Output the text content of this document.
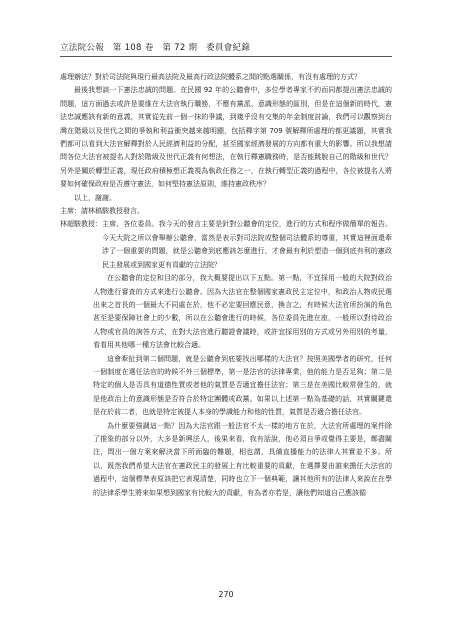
立法院公報　第 108 卷　第 72 期　委員會紀錄

處理辦法？對於司法院與現行最高法院及最高行政法院體系之間的點選關係，有沒有處理的方式？

最後我想談一下憲法忠誠的問題。在民國 92 年的公聽會中，多位學者專家不約而同都提出憲法忠誠的問題，這方面過去或許是要維在大法官執行職務，不應有黨派、意識形態的區別，但是在這個新的時代，憲法忠誠應該有新的意義，其實從先前一個一抹的爭議，到幾乎沒有交集的年金制度討論，我們可以觀察到台灣在階級以及世代之間的爭執和利益衝突越來越明顯，包括釋字第 709 號解釋所處理的都更議題，其實我們都可以看到大法官解釋對於人民經濟利益的分配，甚至國家經濟發展的方向都有重大的影響。所以我想請問各位大法官被提名人對於階級及世代正義有何想法，在執行釋憲職務時，是否能跳脫自己的階級和世代？另外是關於轉型正義，現任政府積極想正義視為執政任務之一，在執行轉型正義的過程中，各位被提名人將要如何確保政府是否遵守憲法，如何堅持憲法原則，維持憲政秩序？

以上，謝謝。

主席：請林稿駿教授發言。

林超駿教授： 主席、各位委員。我今天的發言主要是針對公聽會的定位，進行的方式和程序做簡單的報告。今天大院之所以會舉辦公聽會，當然是表示對司法院或整個司法體系的尊重，其實這裡面還牽涉了一個重要的問題，就是公聽會到底應該怎麼進行，才會最有利於塑造一個到底有利的憲政民主發展或到國家更有貢獻的立法院？

在公聽會的定位和目的部分，我大概要提出以下五點。第一點，不宜採用一般的大院對政治人物進行審查的方式來進行公聽會。因為大法官在整個國家憲政民主定位中，和政治人物或民選出來之首長的一個最大不同處在於，他不必定要回應民意，換言之，有時候大法官所扮演的角色甚至是要保障社會上的少數，所以在公聽會進行的時候，各位委員先進在座，一般所以對待政治人物或官員的詢答方式，在對大法官進行聽證會議時，或許宜採用別的方式或另外用別的考量，看看用其他哪一種方法會比較合適。

這會牽扯到第二個問題，就是公聽會到底要找出哪樣的大法官？按照美國學者的研究，任何一個制度在選任法官的時候不外三個標準，第一是法官的法律專業，他的能力是否足夠；第二是特定的個人是否具有道德性質或者他的氣質是否適宜擔任法官；第三是在美國比較常發生的，就是他政治上的意識形態是否符合於特定團體或政黨。如果以上述第一點為基礎的話，其實關鍵還是在於前二者，也就是特定被提人本身的學識能力和他的性質，氣質是否適合擔任法官。

為什麼要強調這一點？因為大法官跟一般法官不太一樣的地方在於，大法官所處理的案件除了推象的部分以外，大多是新興法人，後果來看，我有話說，他必須自爭或覺得主要是，鄭盡關注，問出一個方案來解決當下所面臨的難題，相也謂，具備直播能力的法律人其實並不多。所以，既然我們希望大法官在憲政民主的發展上有比較重要的貢獻，在選擇要由誰來擔任大法官的過程中，這個標準表原該把它表現清楚，同時也立下一個典範，讓其他所有的法律人來說在在學的法律系學生將來如果想到國家有比較大的貢獻，有為者亦若是，讓他們知道自己應該循

270
